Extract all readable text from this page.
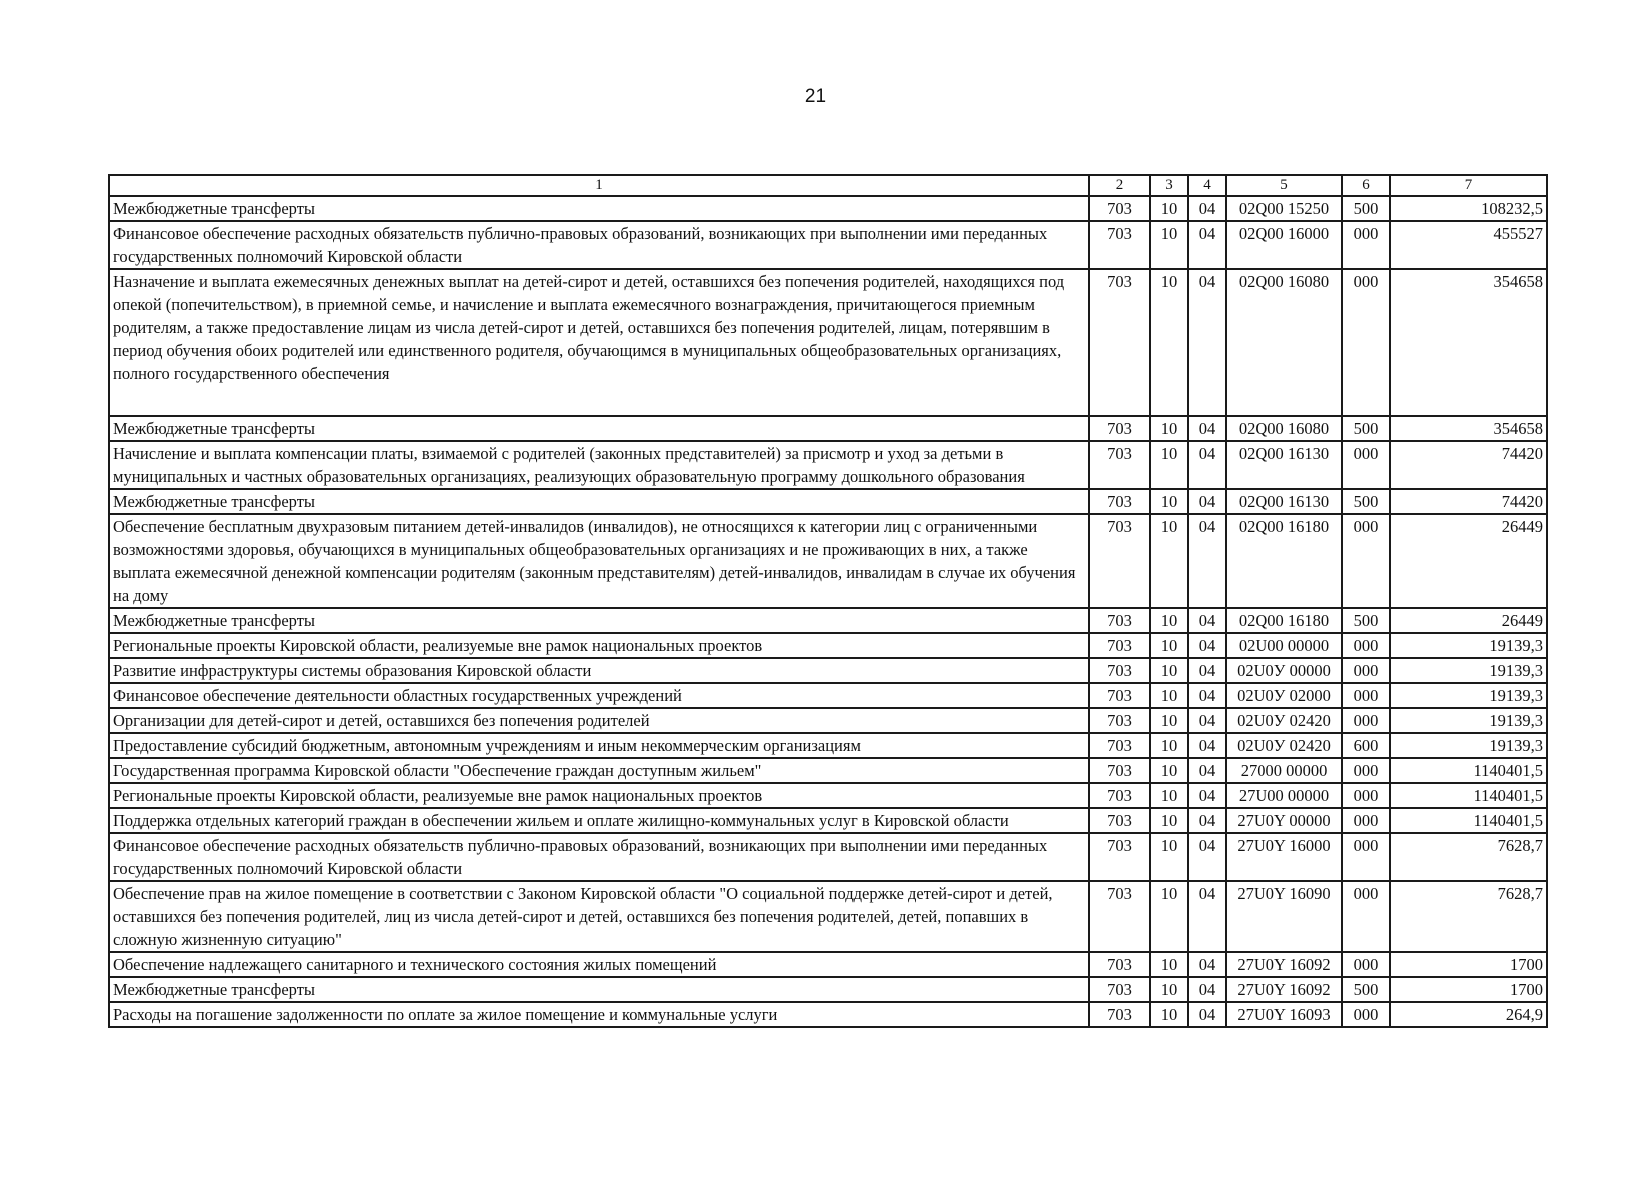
21
1	2	3	4	5	6	7
Межбюджетные трансферты	703	10	04	02Q00 15250	500	108232,5
Финансовое обеспечение расходных обязательств публично-правовых образований, возникающих при выполнении ими переданных государственных полномочий Кировской области	703	10	04	02Q00 16000	000	455527
Назначение и выплата ежемесячных денежных выплат на детей-сирот и детей, оставшихся без попечения родителей, находящихся под опекой (попечительством), в приемной семье, и начисление и выплата ежемесячного вознаграждения, причитающегося приемным родителям, а также предоставление лицам из числа детей-сирот и детей, оставшихся без попечения родителей, лицам, потерявшим в период обучения обоих родителей или единственного родителя, обучающимся в муниципальных общеобразовательных организациях, полного государственного обеспечения	703	10	04	02Q00 16080	000	354658
Межбюджетные трансферты	703	10	04	02Q00 16080	500	354658
Начисление и выплата компенсации платы, взимаемой с родителей (законных представителей) за присмотр и уход за детьми в муниципальных и частных образовательных организациях, реализующих образовательную программу дошкольного образования	703	10	04	02Q00 16130	000	74420
Межбюджетные трансферты	703	10	04	02Q00 16130	500	74420
Обеспечение бесплатным двухразовым питанием детей-инвалидов (инвалидов), не относящихся к категории лиц с ограниченными возможностями здоровья, обучающихся в муниципальных общеобразовательных организациях и не проживающих в них, а также выплата ежемесячной денежной компенсации родителям (законным представителям) детей-инвалидов, инвалидам в случае их обучения на дому	703	10	04	02Q00 16180	000	26449
Межбюджетные трансферты	703	10	04	02Q00 16180	500	26449
Региональные проекты Кировской области, реализуемые вне рамок национальных проектов	703	10	04	02U00 00000	000	19139,3
Развитие инфраструктуры системы образования Кировской области	703	10	04	02U0У 00000	000	19139,3
Финансовое обеспечение деятельности областных государственных учреждений	703	10	04	02U0У 02000	000	19139,3
Организации для детей-сирот и детей, оставшихся без попечения родителей	703	10	04	02U0У 02420	000	19139,3
Предоставление субсидий бюджетным, автономным учреждениям и иным некоммерческим организациям	703	10	04	02U0У 02420	600	19139,3
Государственная программа Кировской области "Обеспечение граждан доступным жильем"	703	10	04	27000 00000	000	1140401,5
Региональные проекты Кировской области, реализуемые вне рамок национальных проектов	703	10	04	27U00 00000	000	1140401,5
Поддержка отдельных категорий граждан в обеспечении жильем и оплате жилищно-коммунальных услуг в Кировской области	703	10	04	27U0Y 00000	000	1140401,5
Финансовое обеспечение расходных обязательств публично-правовых образований, возникающих при выполнении ими переданных государственных полномочий Кировской области	703	10	04	27U0Y 16000	000	7628,7
Обеспечение прав на жилое помещение в соответствии с Законом Кировской области "О социальной поддержке детей-сирот и детей, оставшихся без попечения родителей, лиц из числа детей-сирот и детей, оставшихся без попечения родителей, детей, попавших в сложную жизненную ситуацию"	703	10	04	27U0Y 16090	000	7628,7
Обеспечение надлежащего санитарного и технического состояния жилых помещений	703	10	04	27U0Y 16092	000	1700
Межбюджетные трансферты	703	10	04	27U0Y 16092	500	1700
Расходы на погашение задолженности по оплате за жилое помещение и коммунальные услуги	703	10	04	27U0Y 16093	000	264,9
